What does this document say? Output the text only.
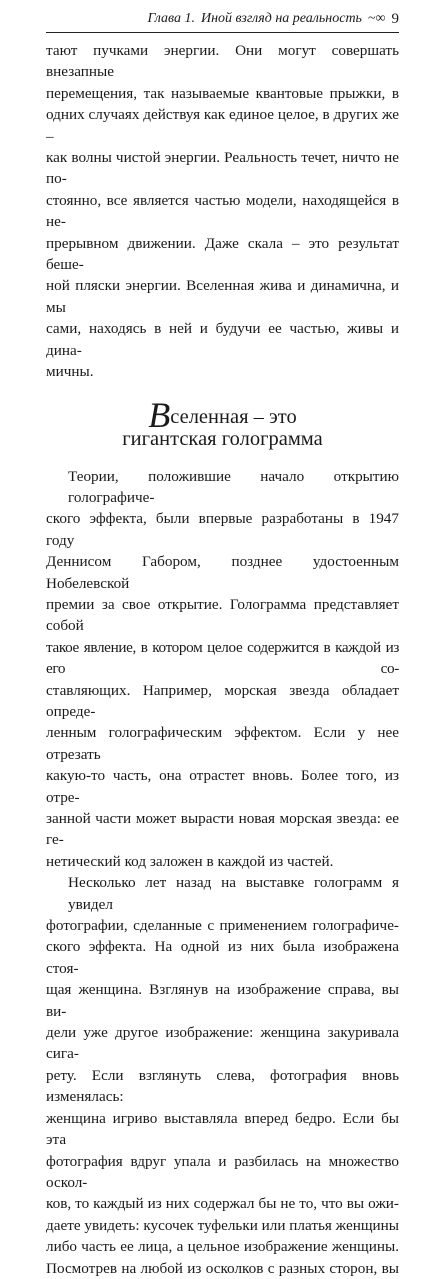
Глава 1. Иной взгляд на реальность ~∞ 9

тают пучками энергии. Они могут совершать внезапные
перемещения, так называемые квантовые прыжки, в
одних случаях действуя как единое целое, в других же –
как волны чистой энергии. Реальность течет, ничто не по-
стоянно, все является частью модели, находящейся в не-
прерывном движении. Даже скала – это результат беше-
ной пляски энергии. Вселенная жива и динамична, и мы
сами, находясь в ней и будучи ее частью, живы и дина-
мичны.

Вселенная – это
гигантская голограмма

Теории, положившие начало открытию голографиче-
ского эффекта, были впервые разработаны в 1947 году
Деннисом Габором, позднее удостоенным Нобелевской
премии за свое открытие. Голограмма представляет собой
такое явление, в котором целое содержится в каждой из его со-
ставляющих. Например, морская звезда обладает опреде-
ленным голографическим эффектом. Если у нее отрезать
какую-то часть, она отрастет вновь. Более того, из отре-
занной части может вырасти новая морская звезда: ее ге-
нетический код заложен в каждой из частей.

Несколько лет назад на выставке голограмм я увидел
фотографии, сделанные с применением голографиче-
ского эффекта. На одной из них была изображена стоя-
щая женщина. Взглянув на изображение справа, вы ви-
дели уже другое изображение: женщина закуривала сига-
рету. Если взглянуть слева, фотография вновь изменялась:
женщина игриво выставляла вперед бедро. Если бы эта
фотография вдруг упала и разбилась на множество оскол-
ков, то каждый из них содержал бы не то, что вы ожи-
даете увидеть: кусочек туфельки или платья женщины
либо часть ее лица, а цельное изображение женщины.
Посмотрев на любой из осколков с разных сторон, вы
